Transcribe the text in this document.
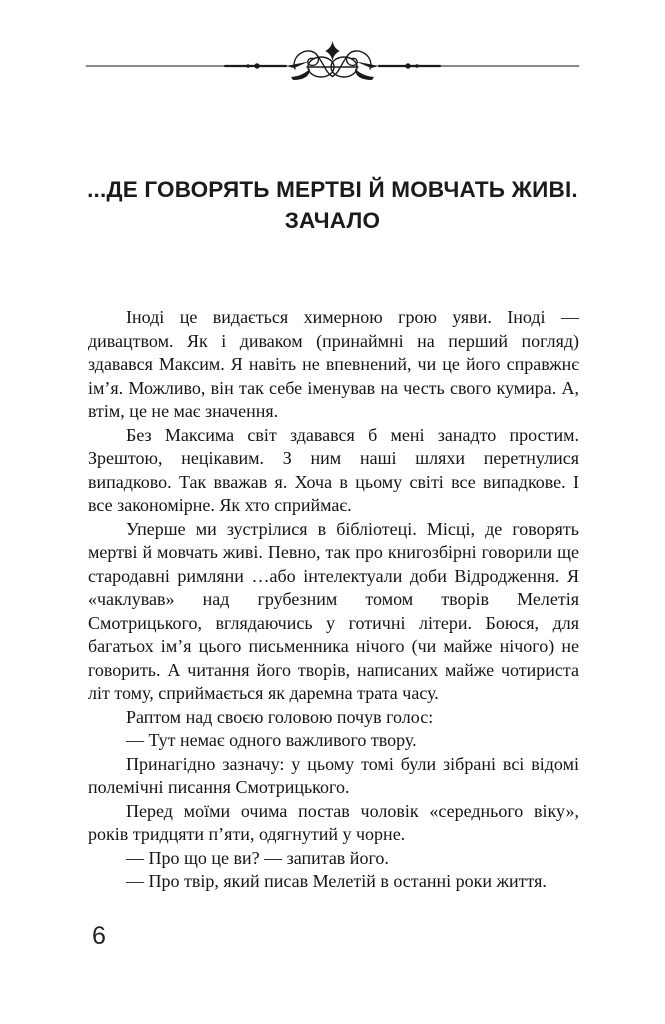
...ДЕ ГОВОРЯТЬ МЕРТВІ Й МОВЧАТЬ ЖИВІ.
ЗАЧАЛО

Іноді це видається химерною грою уяви. Іноді — дивацтвом. Як і диваком (принаймні на перший погляд) здавався Максим. Я навіть не впевнений, чи це його справжнє ім’я. Можливо, він так себе іменував на честь свого кумира. А, втім, це не має значення.

Без Максима світ здавався б мені занадто простим. Зрештою, нецікавим. З ним наші шляхи перетнулися випадково. Так вважав я. Хоча в цьому світі все випадкове. І все закономірне. Як хто сприймає.

Уперше ми зустрілися в бібліотеці. Місці, де говорять мертві й мовчать живі. Певно, так про книгозбірні говорили ще стародавні римляни …або інтелектуали доби Відродження. Я «чаклував» над грубезним томом творів Мелетія Смотрицького, вглядаючись у готичні літери. Боюся, для багатьох ім’я цього письменника нічого (чи майже нічого) не говорить. А читання його творів, написаних майже чотириста літ тому, сприймається як даремна трата часу.

Раптом над своєю головою почув голос:

— Тут немає одного важливого твору.

Принагідно зазначу: у цьому томі були зібрані всі відомі полемічні писання Смотрицького.

Перед моїми очима постав чоловік «середнього віку», років тридцяти п’яти, одягнутий у чорне.

— Про що це ви? — запитав його.

— Про твір, який писав Мелетій в останні роки життя.

6
